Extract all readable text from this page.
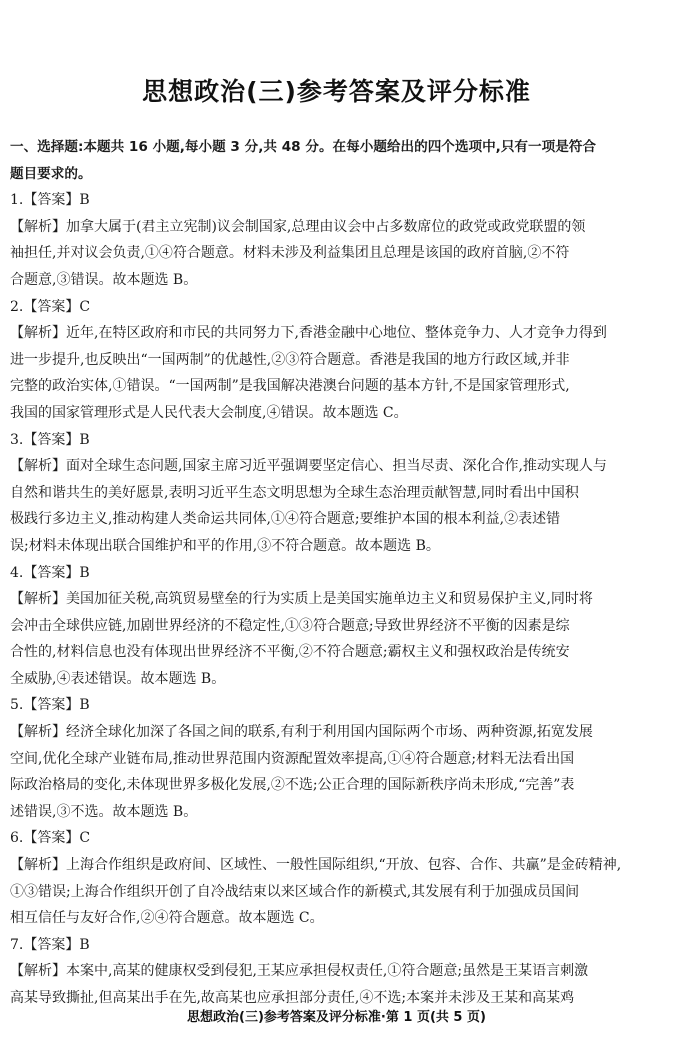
思想政治(三)参考答案及评分标准
一、选择题:本题共 16 小题,每小题 3 分,共 48 分。在每小题给出的四个选项中,只有一项是符合
题目要求的。
1.【答案】B
【解析】加拿大属于(君主立宪制)议会制国家,总理由议会中占多数席位的政党或政党联盟的领
袖担任,并对议会负责,①④符合题意。材料未涉及利益集团且总理是该国的政府首脑,②不符
合题意,③错误。故本题选 B。
2.【答案】C
【解析】近年,在特区政府和市民的共同努力下,香港金融中心地位、整体竞争力、人才竞争力得到
进一步提升,也反映出“一国两制”的优越性,②③符合题意。香港是我国的地方行政区域,并非
完整的政治实体,①错误。“一国两制”是我国解决港澳台问题的基本方针,不是国家管理形式,
我国的国家管理形式是人民代表大会制度,④错误。故本题选 C。
3.【答案】B
【解析】面对全球生态问题,国家主席习近平强调要坚定信心、担当尽责、深化合作,推动实现人与
自然和谐共生的美好愿景,表明习近平生态文明思想为全球生态治理贡献智慧,同时看出中国积
极践行多边主义,推动构建人类命运共同体,①④符合题意;要维护本国的根本利益,②表述错
误;材料未体现出联合国维护和平的作用,③不符合题意。故本题选 B。
4.【答案】B
【解析】美国加征关税,高筑贸易壁垒的行为实质上是美国实施单边主义和贸易保护主义,同时将
会冲击全球供应链,加剧世界经济的不稳定性,①③符合题意;导致世界经济不平衡的因素是综
合性的,材料信息也没有体现出世界经济不平衡,②不符合题意;霸权主义和强权政治是传统安
全威胁,④表述错误。故本题选 B。
5.【答案】B
【解析】经济全球化加深了各国之间的联系,有利于利用国内国际两个市场、两种资源,拓宽发展
空间,优化全球产业链布局,推动世界范围内资源配置效率提高,①④符合题意;材料无法看出国
际政治格局的变化,未体现世界多极化发展,②不选;公正合理的国际新秩序尚未形成,“完善”表
述错误,③不选。故本题选 B。
6.【答案】C
【解析】上海合作组织是政府间、区域性、一般性国际组织,“开放、包容、合作、共赢”是金砖精神,
①③错误;上海合作组织开创了自冷战结束以来区域合作的新模式,其发展有利于加强成员国间
相互信任与友好合作,②④符合题意。故本题选 C。
7.【答案】B
【解析】本案中,高某的健康权受到侵犯,王某应承担侵权责任,①符合题意;虽然是王某语言刺激
高某导致撕扯,但高某出手在先,故高某也应承担部分责任,④不选;本案并未涉及王某和高某鸡
思想政治(三)参考答案及评分标准·第 1 页(共 5 页)
